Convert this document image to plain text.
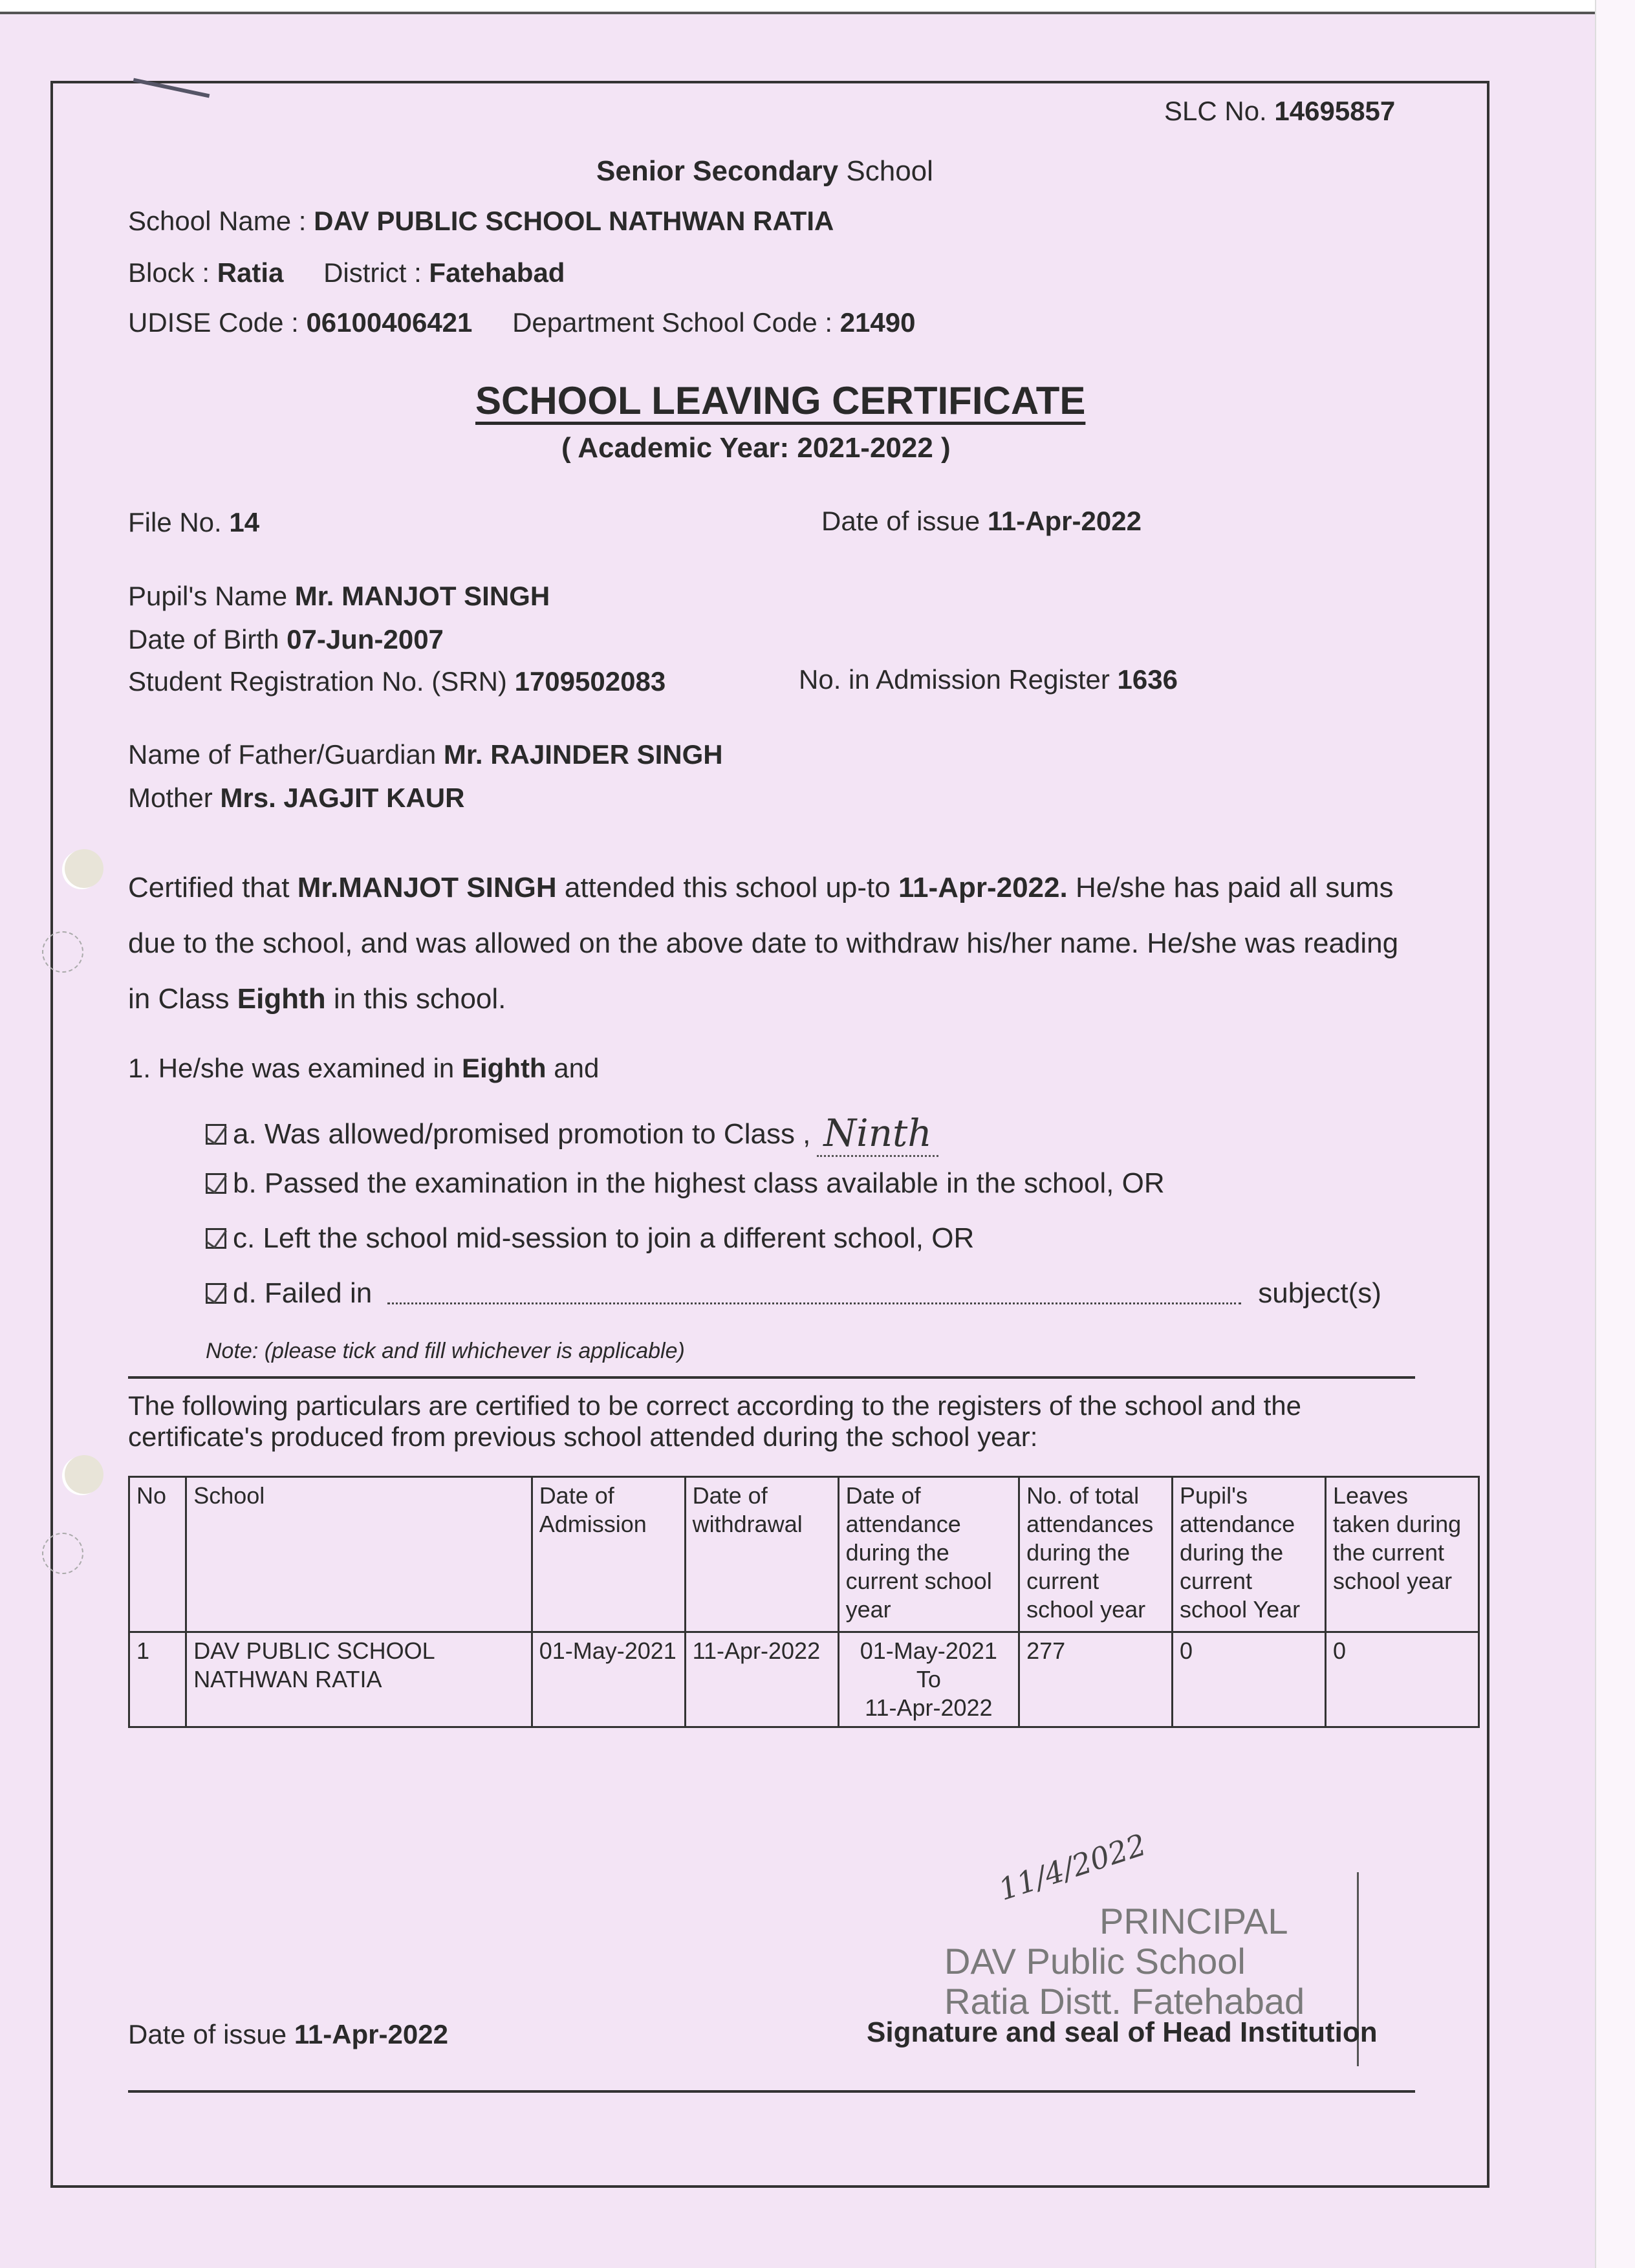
SLC No. 14695857
Senior Secondary School
School Name : DAV PUBLIC SCHOOL NATHWAN RATIA
Block : Ratia District : Fatehabad
UDISE Code : 06100406421 Department School Code : 21490
SCHOOL LEAVING CERTIFICATE
( Academic Year: 2021-2022 )
File No. 14	Date of issue 11-Apr-2022
Pupil's Name Mr. MANJOT SINGH
Date of Birth 07-Jun-2007
Student Registration No. (SRN) 1709502083	No. in Admission Register 1636
Name of Father/Guardian Mr. RAJINDER SINGH
Mother Mrs. JAGJIT KAUR
Certified that Mr.MANJOT SINGH attended this school up-to 11-Apr-2022. He/she has paid all sums due to the school, and was allowed on the above date to withdraw his/her name. He/she was reading in Class Eighth in this school.
1. He/she was examined in Eighth and
a. Was allowed/promised promotion to Class , Ninth
b. Passed the examination in the highest class available in the school, OR
c. Left the school mid-session to join a different school, OR
d. Failed in	subject(s)
Note: (please tick and fill whichever is applicable)
The following particulars are certified to be correct according to the registers of the school and the certificate's produced from previous school attended during the school year:
No	School	Date of Admission	Date of withdrawal	Date of attendance during the current school year	No. of total attendances during the current school year	Pupil's attendance during the current school Year	Leaves taken during the current school year
1	DAV PUBLIC SCHOOL NATHWAN RATIA	01-May-2021	11-Apr-2022	01-May-2021
To
11-Apr-2022	277	0	0
11/4/2022
PRINCIPAL
DAV Public School
Ratia Distt. Fatehabad
Date of issue 11-Apr-2022	Signature and seal of Head Institution
